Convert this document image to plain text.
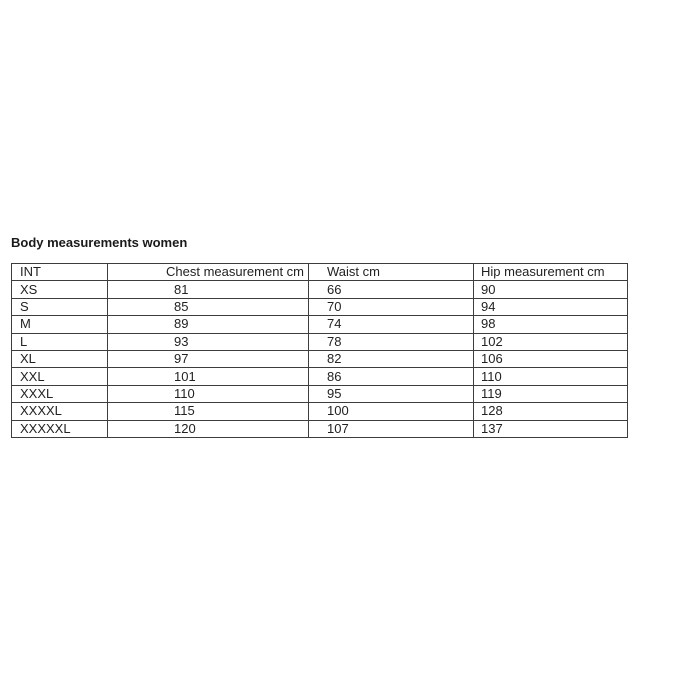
Body measurements women
INT	Chest measurement cm	Waist cm	Hip measurement cm
XS	81	66	90
S	85	70	94
M	89	74	98
L	93	78	102
XL	97	82	106
XXL	101	86	110
XXXL	110	95	119
XXXXL	115	100	128
XXXXXL	120	107	137
